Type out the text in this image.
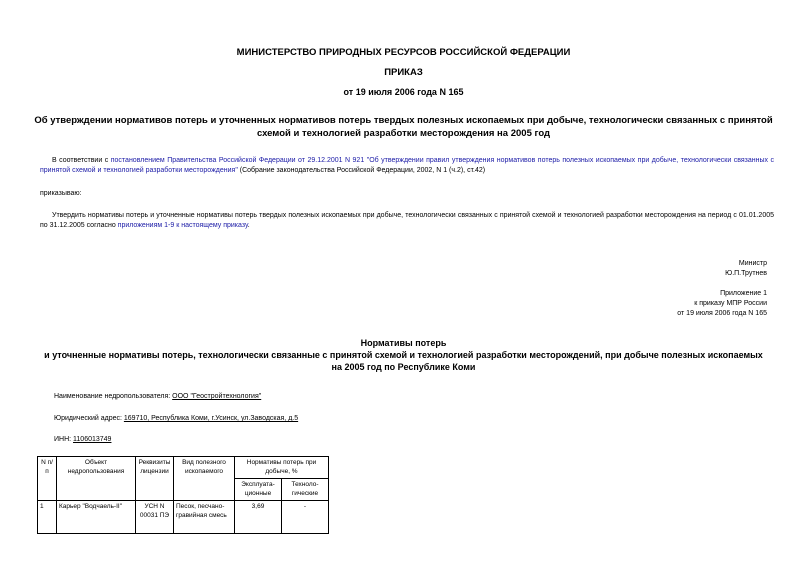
МИНИСТЕРСТВО ПРИРОДНЫХ РЕСУРСОВ РОССИЙСКОЙ ФЕДЕРАЦИИ
ПРИКАЗ
от 19 июля 2006 года N 165
Об утверждении нормативов потерь и уточненных нормативов потерь твердых полезных ископаемых при добыче, технологически связанных с принятой схемой и технологией разработки месторождения на 2005 год
В соответствии с постановлением Правительства Российской Федерации от 29.12.2001 N 921 "Об утверждении правил утверждения нормативов потерь полезных ископаемых при добыче, технологически связанных с принятой схемой и технологией разработки месторождения" (Собрание законодательства Российской Федерации, 2002, N 1 (ч.2), ст.42)
приказываю:
Утвердить нормативы потерь и уточненные нормативы потерь твердых полезных ископаемых при добыче, технологически связанных с принятой схемой и технологией разработки месторождения на период с 01.01.2005 по 31.12.2005 согласно приложениям 1-9 к настоящему приказу.
Министр
Ю.П.Трутнев
Приложение 1
к приказу МПР России
от 19 июля 2006 года N 165
Нормативы потерь
и уточненные нормативы потерь, технологически связанные с принятой схемой и технологией разработки месторождений, при добыче полезных ископаемых на 2005 год по Республике Коми
Наименование недропользователя: ООО "Геостройтехнология"
Юридический адрес: 169710, Республика Коми, г.Усинск, ул.Заводская, д.5
ИНН: 1106013749
N п/п	Объект недропользования	Реквизиты лицензии	Вид полезного ископаемого	Нормативы потерь при добыче, %	
				Эксплуата-ционные	Техноло-гические
1	Карьер "Водчаель-II"	УСН N 00031 ПЭ	Песок, песчано-гравийная смесь	3,69	-
